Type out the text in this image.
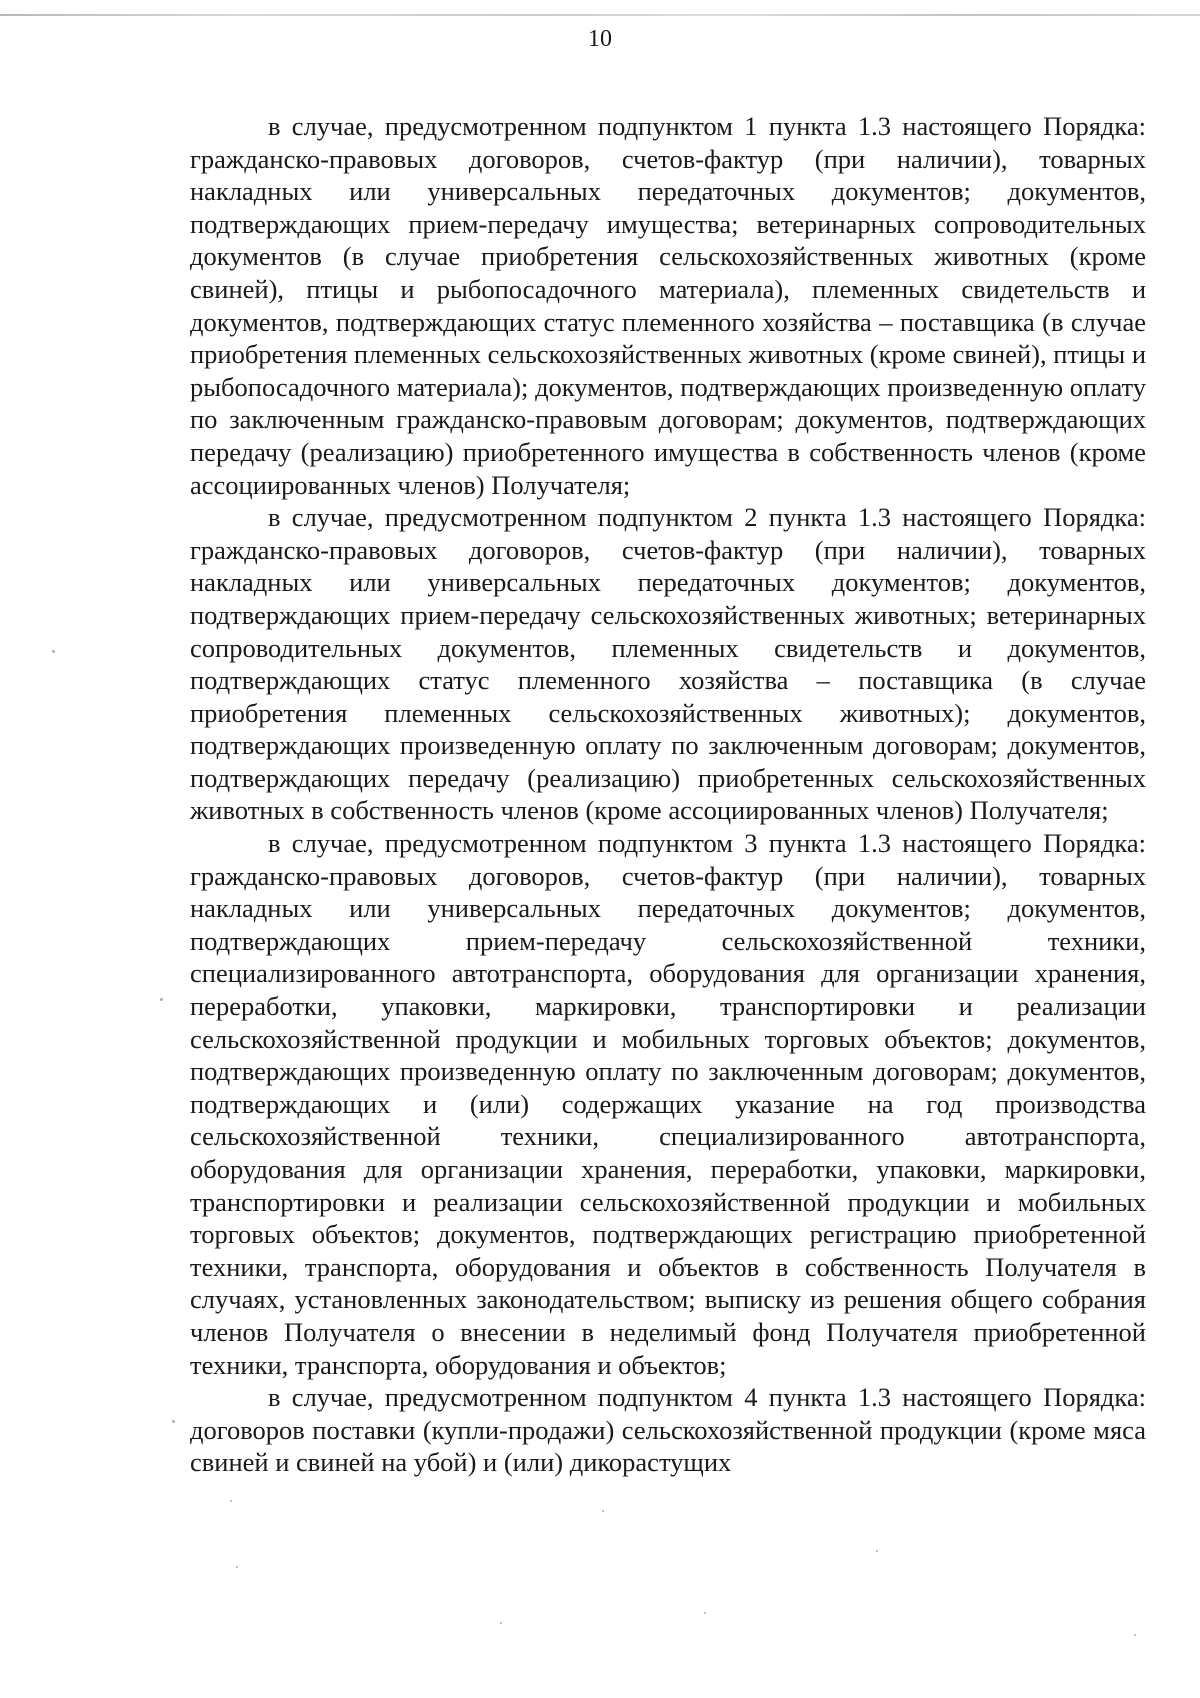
10

в случае, предусмотренном подпунктом 1 пункта 1.3 настоящего Порядка: гражданско-правовых договоров, счетов-фактур (при наличии), товарных накладных или универсальных передаточных документов; документов, подтверждающих прием-передачу имущества; ветеринарных сопроводительных документов (в случае приобретения сельскохозяйственных животных (кроме свиней), птицы и рыбопосадочного материала), племенных свидетельств и документов, подтверждающих статус племенного хозяйства – поставщика (в случае приобретения племенных сельскохозяйственных животных (кроме свиней), птицы и рыбопосадочного материала); документов, подтверждающих произведенную оплату по заключенным гражданско-правовым договорам; документов, подтверждающих передачу (реализацию) приобретенного имущества в собственность членов (кроме ассоциированных членов) Получателя;

в случае, предусмотренном подпунктом 2 пункта 1.3 настоящего Порядка: гражданско-правовых договоров, счетов-фактур (при наличии), товарных накладных или универсальных передаточных документов; документов, подтверждающих прием-передачу сельскохозяйственных животных; ветеринарных сопроводительных документов, племенных свидетельств и документов, подтверждающих статус племенного хозяйства – поставщика (в случае приобретения племенных сельскохозяйственных животных); документов, подтверждающих произведенную оплату по заключенным договорам; документов, подтверждающих передачу (реализацию) приобретенных сельскохозяйственных животных в собственность членов (кроме ассоциированных членов) Получателя;

в случае, предусмотренном подпунктом 3 пункта 1.3 настоящего Порядка: гражданско-правовых договоров, счетов-фактур (при наличии), товарных накладных или универсальных передаточных документов; документов, подтверждающих прием-передачу сельскохозяйственной техники, специализированного автотранспорта, оборудования для организации хранения, переработки, упаковки, маркировки, транспортировки и реализации сельскохозяйственной продукции и мобильных торговых объектов; документов, подтверждающих произведенную оплату по заключенным договорам; документов, подтверждающих и (или) содержащих указание на год производства сельскохозяйственной техники, специализированного автотранспорта, оборудования для организации хранения, переработки, упаковки, маркировки, транспортировки и реализации сельскохозяйственной продукции и мобильных торговых объектов; документов, подтверждающих регистрацию приобретенной техники, транспорта, оборудования и объектов в собственность Получателя в случаях, установленных законодательством; выписку из решения общего собрания членов Получателя о внесении в неделимый фонд Получателя приобретенной техники, транспорта, оборудования и объектов;

в случае, предусмотренном подпунктом 4 пункта 1.3 настоящего Порядка: договоров поставки (купли-продажи) сельскохозяйственной продукции (кроме мяса свиней и свиней на убой) и (или) дикорастущих
